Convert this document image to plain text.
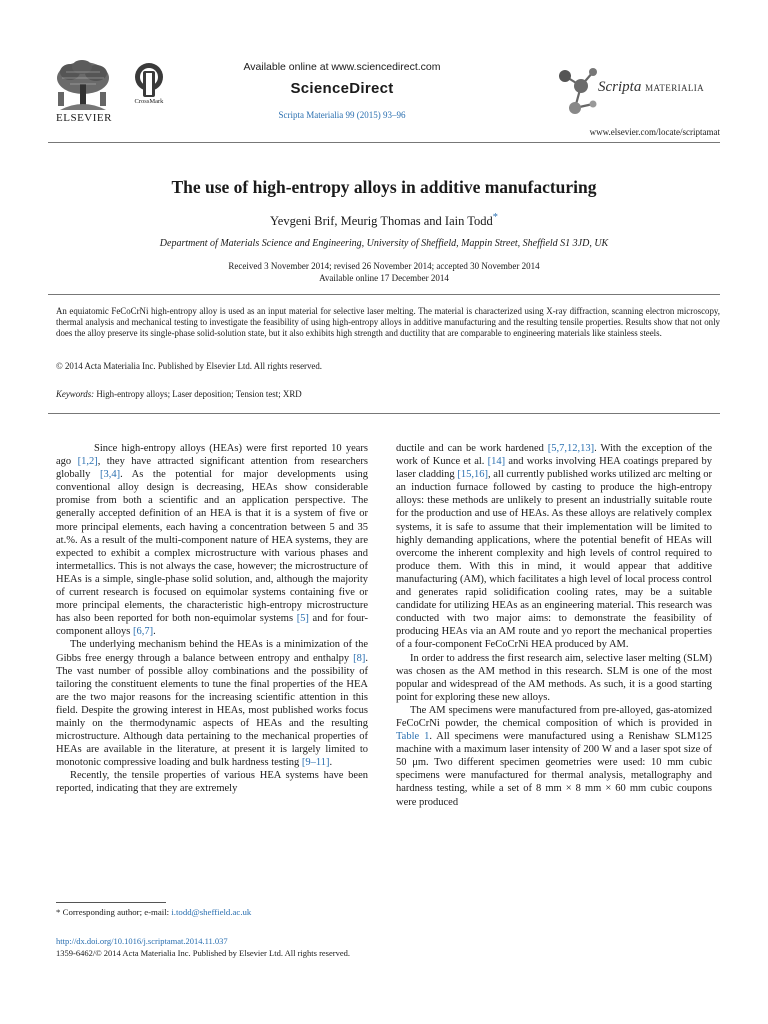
ELSEVIER
CrossMark
Available online at www.sciencedirect.com
ScienceDirect
Scripta Materialia 99 (2015) 93–96
Scripta MATERIALIA
www.elsevier.com/locate/scriptamat
The use of high-entropy alloys in additive manufacturing
Yevgeni Brif, Meurig Thomas and Iain Todd*
Department of Materials Science and Engineering, University of Sheffield, Mappin Street, Sheffield S1 3JD, UK
Received 3 November 2014; revised 26 November 2014; accepted 30 November 2014
Available online 17 December 2014
An equiatomic FeCoCrNi high-entropy alloy is used as an input material for selective laser melting. The material is characterized using X-ray diffraction, scanning electron microscopy, thermal analysis and mechanical testing to investigate the feasibility of using high-entropy alloys in additive manufacturing and the resulting tensile properties. Results show that not only does the alloy preserve its single-phase solid-solution state, but it also exhibits high strength and ductility that are comparable to engineering materials like stainless steels.
© 2014 Acta Materialia Inc. Published by Elsevier Ltd. All rights reserved.
Keywords: High-entropy alloys; Laser deposition; Tension test; XRD

Since high-entropy alloys (HEAs) were first reported 10 years ago [1,2], they have attracted significant attention from researchers globally [3,4]. As the potential for major developments using conventional alloy design is decreasing, HEAs show considerable promise from both a scientific and an application perspective. The generally accepted definition of an HEA is that it is a system of five or more principal elements, each having a concentration between 5 and 35 at.%. As a result of the multi-component nature of HEA systems, they are expected to exhibit a complex microstructure with various phases and intermetallics. This is not always the case, however; the microstructure of HEAs is a simple, single-phase solid solution, and, although the majority of current research is focused on equimolar systems containing five or more principal elements, the characteristic high-entropy microstructure has also been reported for both non-equimolar systems [5] and for four-component alloys [6,7].

The underlying mechanism behind the HEAs is a minimization of the Gibbs free energy through a balance between entropy and enthalpy [8]. The vast number of possible alloy combinations and the possibility of tailoring the constituent elements to tune the final properties of the HEA are the two major reasons for the increasing scientific attention in this field. Despite the growing interest in HEAs, most published works focus mainly on the thermodynamic aspects of HEAs and the resulting microstructure. Although data pertaining to the mechanical properties of HEAs are available in the literature, at present it is largely limited to monotonic compressive loading and bulk hardness testing [9–11].

Recently, the tensile properties of various HEA systems have been reported, indicating that they are extremely

ductile and can be work hardened [5,7,12,13]. With the exception of the work of Kunce et al. [14] and works involving HEA coatings prepared by laser cladding [15,16], all currently published works utilized arc melting or an induction furnace followed by casting to produce the high-entropy alloys: these methods are unlikely to present an industrially suitable route for the production and use of HEAs. As these alloys are relatively complex systems, it is safe to assume that their implementation will be limited to highly demanding applications, where the potential benefit of HEAs will overcome the inherent complexity and high levels of control required to produce them. With this in mind, it would appear that additive manufacturing (AM), which facilitates a high level of local process control and generates rapid solidification cooling rates, may be a suitable candidate for utilizing HEAs as an engineering material. This research was conducted with two major aims: to demonstrate the feasibility of producing HEAs via an AM route and yo report the mechanical properties of a four-component FeCoCrNi HEA produced by AM.

In order to address the first research aim, selective laser melting (SLM) was chosen as the AM method in this research. SLM is one of the most popular and widespread of the AM methods. As such, it is a good starting point for exploring these new alloys.

The AM specimens were manufactured from pre-alloyed, gas-atomized FeCoCrNi powder, the chemical composition of which is provided in Table 1. All specimens were manufactured using a Renishaw SLM125 machine with a maximum laser intensity of 200 W and a laser spot size of 50 μm. Two different specimen geometries were used: 10 mm cubic specimens were manufactured for thermal analysis, metallography and hardness testing, while a set of 8 mm × 8 mm × 60 mm cubic coupons were produced

* Corresponding author; e-mail: i.todd@sheffield.ac.uk
http://dx.doi.org/10.1016/j.scriptamat.2014.11.037
1359-6462/© 2014 Acta Materialia Inc. Published by Elsevier Ltd. All rights reserved.
